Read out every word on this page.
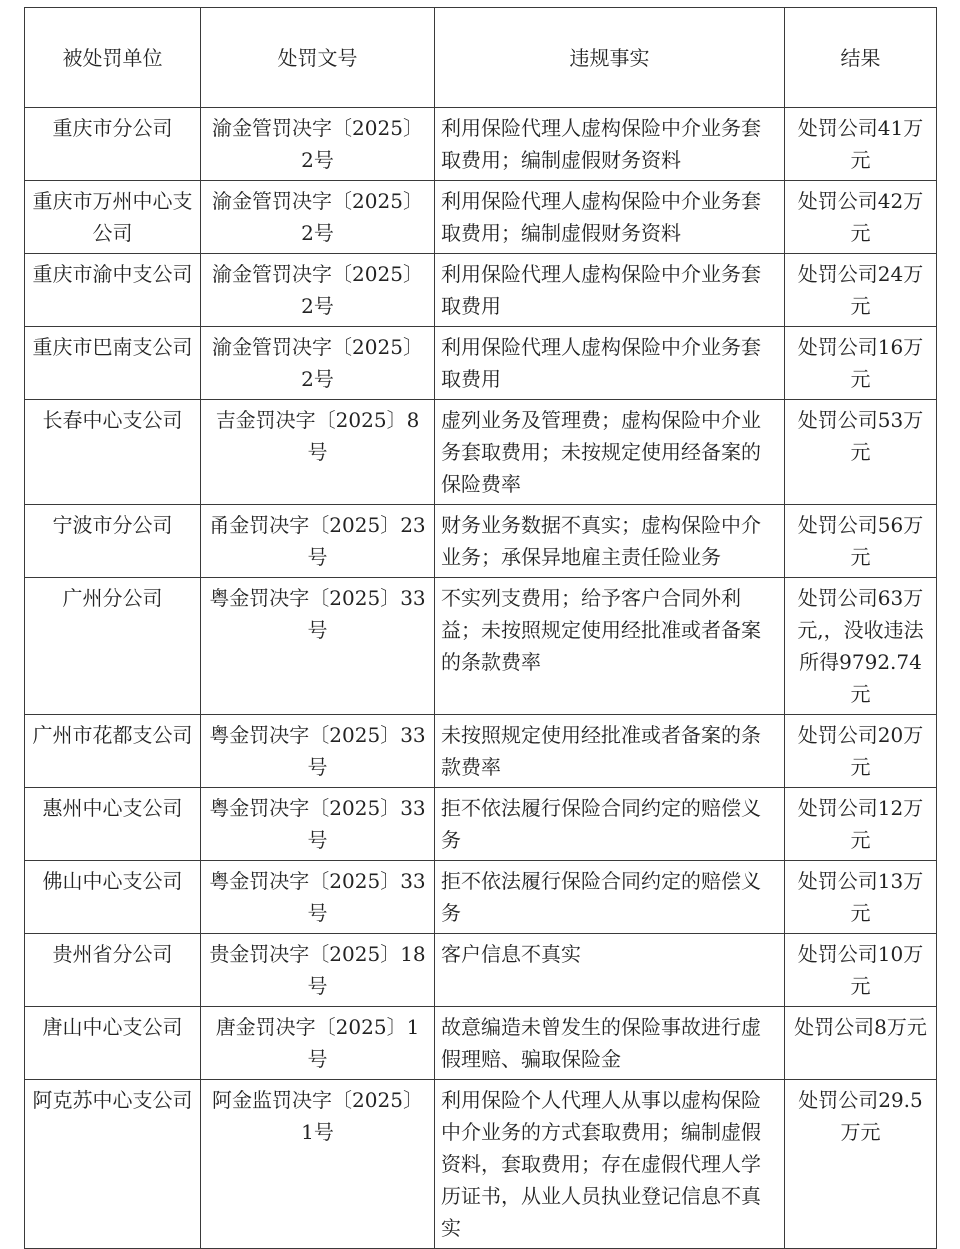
被处罚单位	处罚文号	违规事实	结果
重庆市分公司	渝金管罚决字〔2025〕2号	利用保险代理人虚构保险中介业务套取费用；编制虚假财务资料	处罚公司41万元
重庆市万州中心支公司	渝金管罚决字〔2025〕2号	利用保险代理人虚构保险中介业务套取费用；编制虚假财务资料	处罚公司42万元
重庆市渝中支公司	渝金管罚决字〔2025〕2号	利用保险代理人虚构保险中介业务套取费用	处罚公司24万元
重庆市巴南支公司	渝金管罚决字〔2025〕2号	利用保险代理人虚构保险中介业务套取费用	处罚公司16万元
长春中心支公司	吉金罚决字〔2025〕8号	虚列业务及管理费；虚构保险中介业务套取费用；未按规定使用经备案的保险费率	处罚公司53万元
宁波市分公司	甬金罚决字〔2025〕23号	财务业务数据不真实；虚构保险中介业务；承保异地雇主责任险业务	处罚公司56万元
广州分公司	粤金罚决字〔2025〕33号	不实列支费用；给予客户合同外利益；未按照规定使用经批准或者备案的条款费率	处罚公司63万元,，没收违法所得9792.74元
广州市花都支公司	粤金罚决字〔2025〕33号	未按照规定使用经批准或者备案的条款费率	处罚公司20万元
惠州中心支公司	粤金罚决字〔2025〕33号	拒不依法履行保险合同约定的赔偿义务	处罚公司12万元
佛山中心支公司	粤金罚决字〔2025〕33号	拒不依法履行保险合同约定的赔偿义务	处罚公司13万元
贵州省分公司	贵金罚决字〔2025〕18号	客户信息不真实	处罚公司10万元
唐山中心支公司	唐金罚决字〔2025〕1号	故意编造未曾发生的保险事故进行虚假理赔、骗取保险金	处罚公司8万元
阿克苏中心支公司	阿金监罚决字〔2025〕1号	利用保险个人代理人从事以虚构保险中介业务的方式套取费用；编制虚假资料，套取费用；存在虚假代理人学历证书，从业人员执业登记信息不真实	处罚公司29.5万元
